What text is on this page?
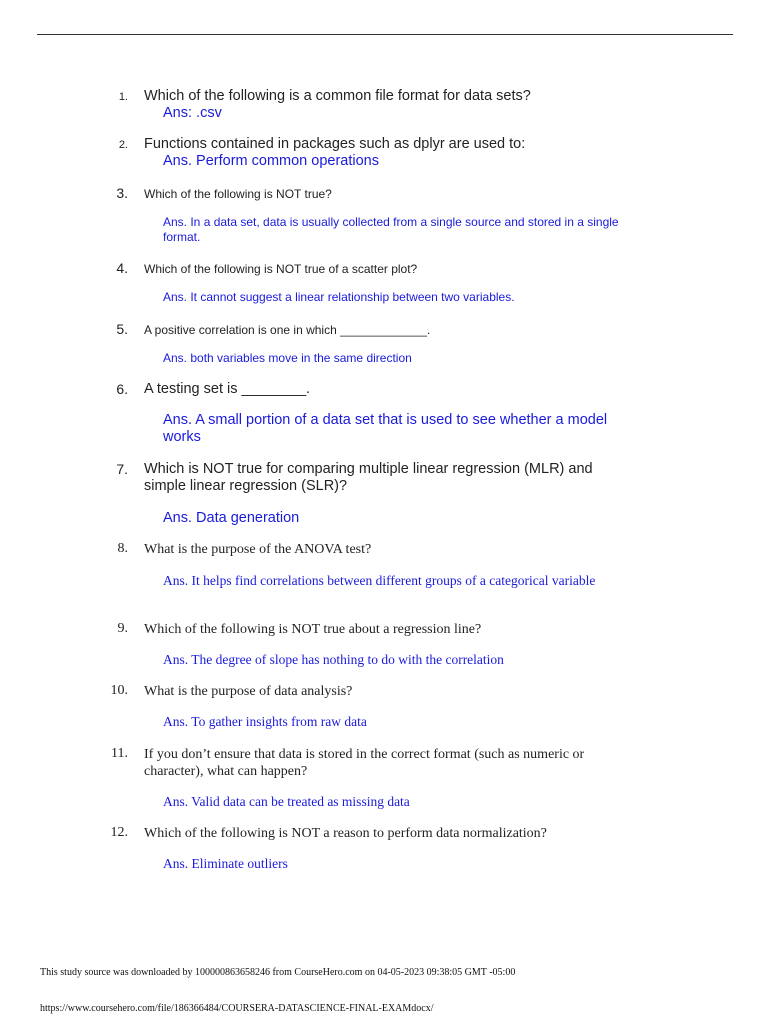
1. Which of the following is a common file format for data sets?
Ans: .csv
2. Functions contained in packages such as dplyr are used to:
Ans. Perform common operations
3. Which of the following is NOT true?
Ans. In a data set, data is usually collected from a single source and stored in a single format.
4. Which of the following is NOT true of a scatter plot?
Ans. It cannot suggest a linear relationship between two variables.
5. A positive correlation is one in which _____________.
Ans. both variables move in the same direction
6. A testing set is ________.
Ans. A small portion of a data set that is used to see whether a model works
7. Which is NOT true for comparing multiple linear regression (MLR) and simple linear regression (SLR)?
Ans. Data generation
8. What is the purpose of the ANOVA test?
Ans. It helps find correlations between different groups of a categorical variable
9. Which of the following is NOT true about a regression line?
Ans. The degree of slope has nothing to do with the correlation
10. What is the purpose of data analysis?
Ans. To gather insights from raw data
11. If you don’t ensure that data is stored in the correct format (such as numeric or character), what can happen?
Ans. Valid data can be treated as missing data
12. Which of the following is NOT a reason to perform data normalization?
Ans. Eliminate outliers
This study source was downloaded by 100000863658246 from CourseHero.com on 04-05-2023 09:38:05 GMT -05:00
https://www.coursehero.com/file/186366484/COURSERA-DATASCIENCE-FINAL-EXAMdocx/
